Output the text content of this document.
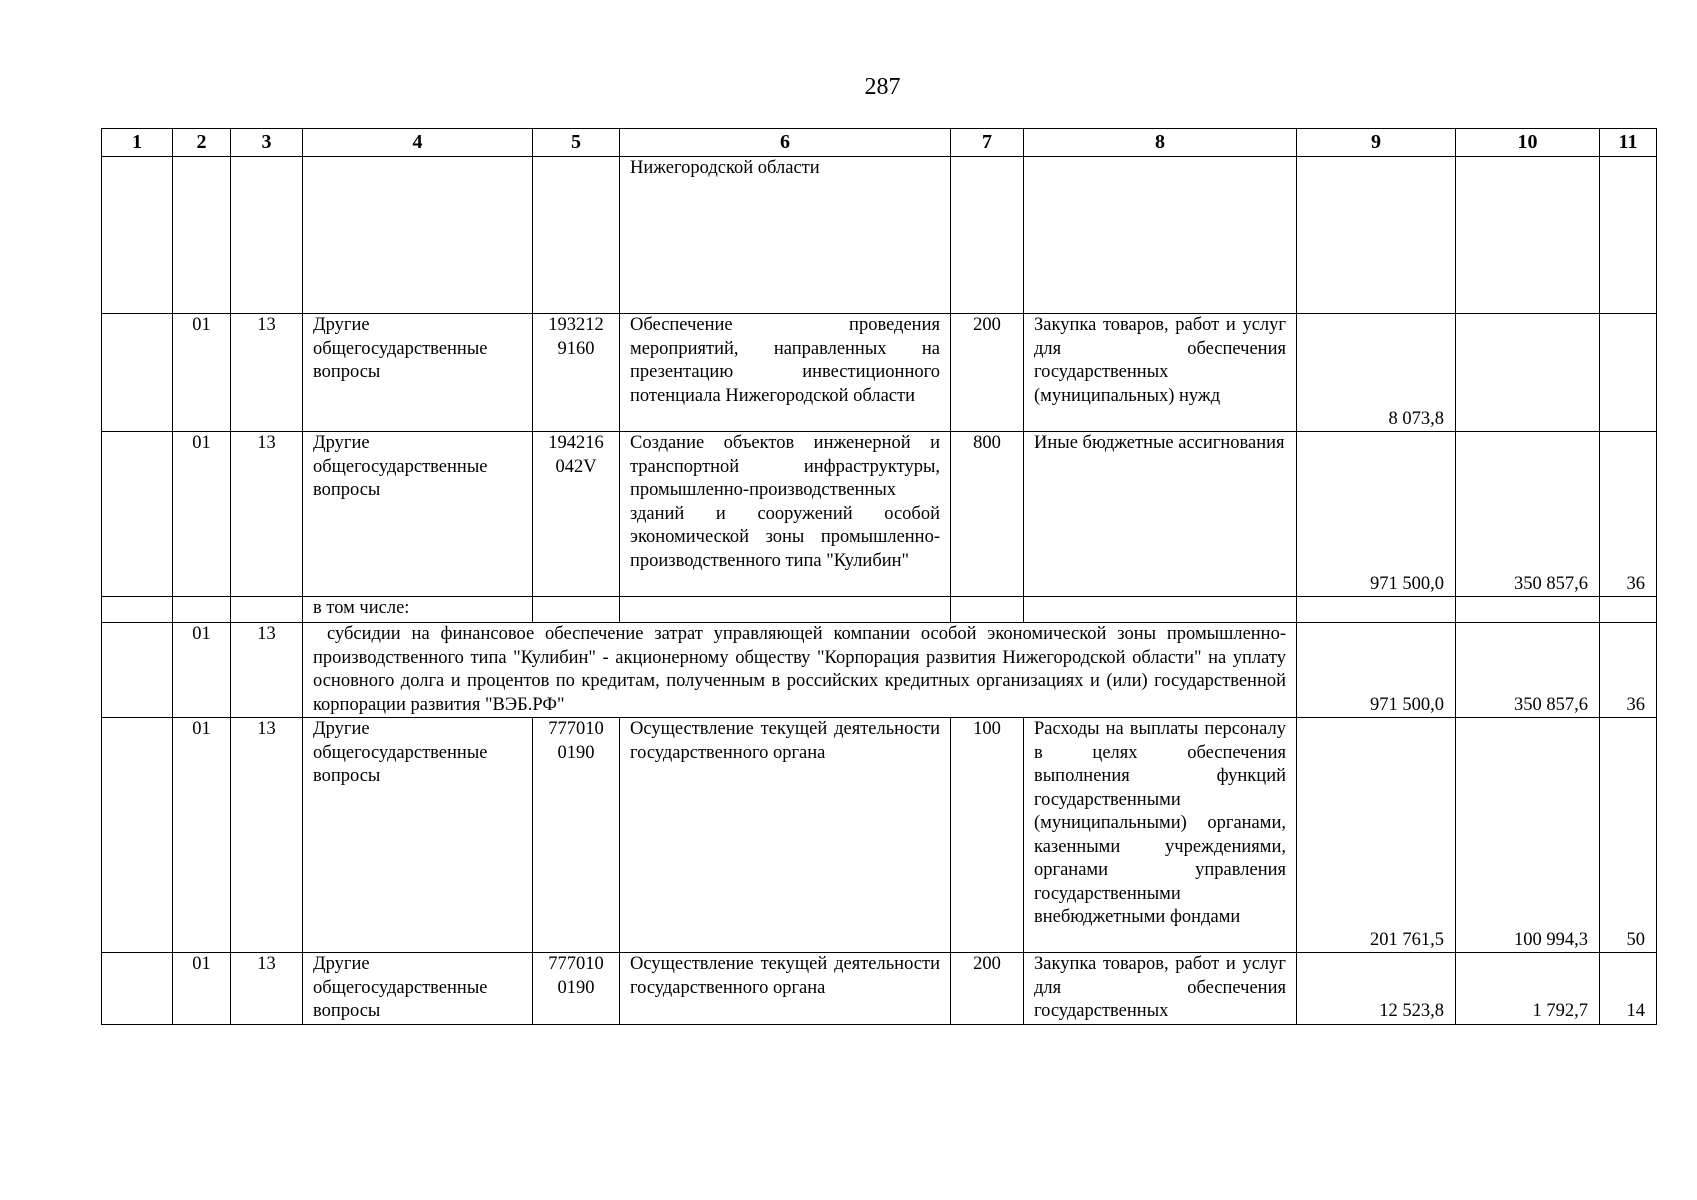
287
1	2	3	4	5	6	7	8	9	10	11
					Нижегородской области					
	01	13	Другие общегосударственные вопросы	193212 9160	Обеспечение проведения мероприятий, направленных на презентацию инвестиционного потенциала Нижегородской области	200	Закупка товаров, работ и услуг для обеспечения государственных (муниципальных) нужд	8 073,8		
	01	13	Другие общегосударственные вопросы	194216 042V	Создание объектов инженерной и транспортной инфраструктуры, промышленно-производственных зданий и сооружений особой экономической зоны промышленно-производственного типа "Кулибин"	800	Иные бюджетные ассигнования	971 500,0	350 857,6	36
			в том числе:							
	01	13	субсидии на финансовое обеспечение затрат управляющей компании особой экономической зоны промышленно-производственного типа "Кулибин" - акционерному обществу "Корпорация развития Нижегородской области" на уплату основного долга и процентов по кредитам, полученным в российских кредитных организациях и (или) государственной корпорации развития "ВЭБ.РФ"					971 500,0	350 857,6	36
	01	13	Другие общегосударственные вопросы	777010 0190	Осуществление текущей деятельности государственного органа	100	Расходы на выплаты персоналу в целях обеспечения выполнения функций государственными (муниципальными) органами, казенными учреждениями, органами управления государственными внебюджетными фондами	201 761,5	100 994,3	50
	01	13	Другие общегосударственные вопросы	777010 0190	Осуществление текущей деятельности государственного органа	200	Закупка товаров, работ и услуг для обеспечения государственных	12 523,8	1 792,7	14
